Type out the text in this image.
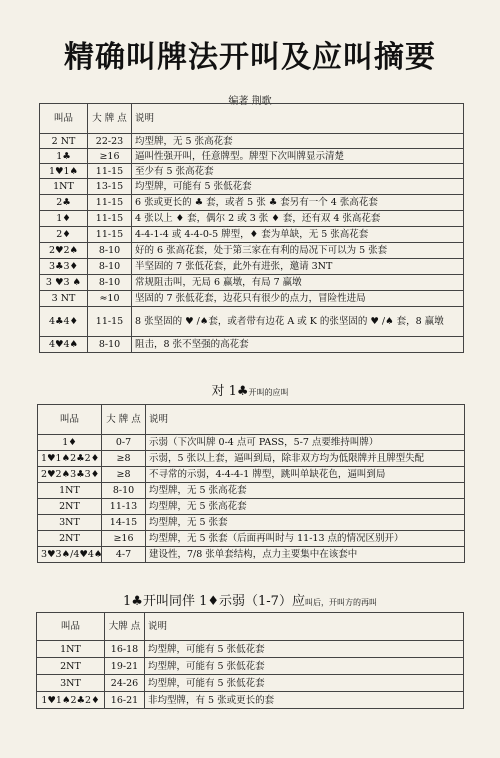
精确叫牌法开叫及应叫摘要
编著 荆歌
叫品	大 牌 点	说明
2 NT	22-23	均型牌，无 5 张高花套
1♣	≥16	逼叫性强开叫，任意牌型。牌型下次叫牌显示清楚
1♥1♠	11-15	至少有 5 张高花套
1NT	13-15	均型牌，可能有 5 张低花套
2♣	11-15	6 张或更长的 ♣ 套，或者 5 张 ♣ 套另有一个 4 张高花套
1♦	11-15	4 张以上 ♦ 套，偶尔 2 或 3 张 ♦ 套，还有双 4 张高花套
2♦	11-15	4-4-1-4 或 4-4-0-5 牌型，♦ 套为单缺，无 5 张高花套
2♥2♠	8-10	好的 6 张高花套，处于第三家在有利的局况下可以为 5 张套
3♣3♦	8-10	半坚固的 7 张低花套，此外有进张，邀请 3NT
3 ♥3 ♠	8-10	常规阻击叫，无局 6 赢墩，有局 7 赢墩
3 NT	≈10	坚固的 7 张低花套，边花只有很少的点力，冒险性进局
4♣4♦	11-15	8 张坚固的 ♥ /♠套，或者带有边花 A 或 K 的张坚固的 ♥ /♠ 套，8 赢墩
4♥4♠	8-10	阻击，8 张不坚强的高花套
对 1♣开叫的应叫
叫品	大 牌 点	说明
1♦	0-7	示弱（下次叫牌 0-4 点可 PASS，5-7 点要维持叫牌）
1♥1♠2♣2♦	≥8	示弱，5 张以上套，逼叫到局，除非双方均为低限牌并且牌型失配
2♥2♠3♣3♦	≥8	不寻常的示弱，4-4-4-1 牌型，跳叫单缺花色，逼叫到局
1NT	8-10	均型牌，无 5 张高花套
2NT	11-13	均型牌，无 5 张高花套
3NT	14-15	均型牌，无 5 张套
2NT	≥16	均型牌，无 5 张套（后面再叫时与 11-13 点的情况区别开）
3♥3♠/4♥4♠	4-7	建设性，7/8 张单套结构，点力主要集中在该套中
1♣开叫同伴 1♦示弱（1-7）应叫后，开叫方的再叫
叫品	大牌 点	说明
1NT	16-18	均型牌，可能有 5 张低花套
2NT	19-21	均型牌，可能有 5 张低花套
3NT	24-26	均型牌，可能有 5 张低花套
1♥1♠2♣2♦	16-21	非均型牌，有 5 张或更长的套
